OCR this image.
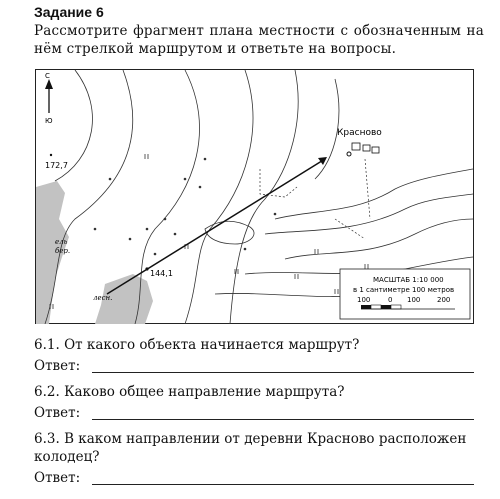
Задание 6
Рассмотрите фрагмент плана местности с обозначенным на нём стрелкой маршрутом и ответьте на вопросы.
С
Ю
172,7
144,1
ель
бер.
лесн.
Красново
МАСШТАБ 1:10 000
в 1 сантиметре 100 метров
100	0 100 200
6.1. От какого объекта начинается маршрут?
Ответ:
6.2. Каково общее направление маршрута?
Ответ:
6.3. В каком направлении от деревни Красново расположен колодец?
Ответ:
